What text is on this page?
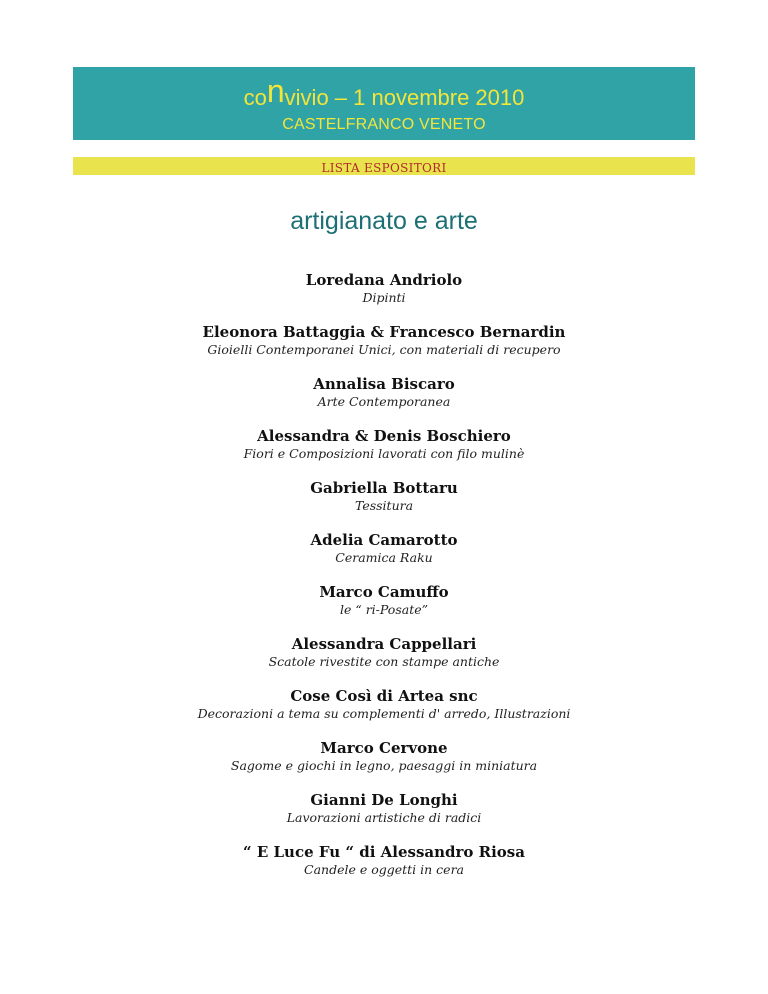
convivio – 1 novembre 2010
CASTELFRANCO VENETO
LISTA ESPOSITORI
artigianato e arte
Loredana Andriolo
Dipinti
Eleonora Battaggia & Francesco Bernardin
Gioielli Contemporanei Unici, con materiali di recupero
Annalisa Biscaro
Arte Contemporanea
Alessandra & Denis Boschiero
Fiori e Composizioni lavorati con filo mulinè
Gabriella Bottaru
Tessitura
Adelia Camarotto
Ceramica Raku
Marco Camuffo
le “ ri-Posate”
Alessandra Cappellari
Scatole rivestite con stampe antiche
Cose Così di Artea snc
Decorazioni a tema su complementi d' arredo, Illustrazioni
Marco Cervone
Sagome e giochi in legno, paesaggi in miniatura
Gianni De Longhi
Lavorazioni artistiche di radici
“ E Luce Fu “ di Alessandro Riosa
Candele e oggetti in cera
